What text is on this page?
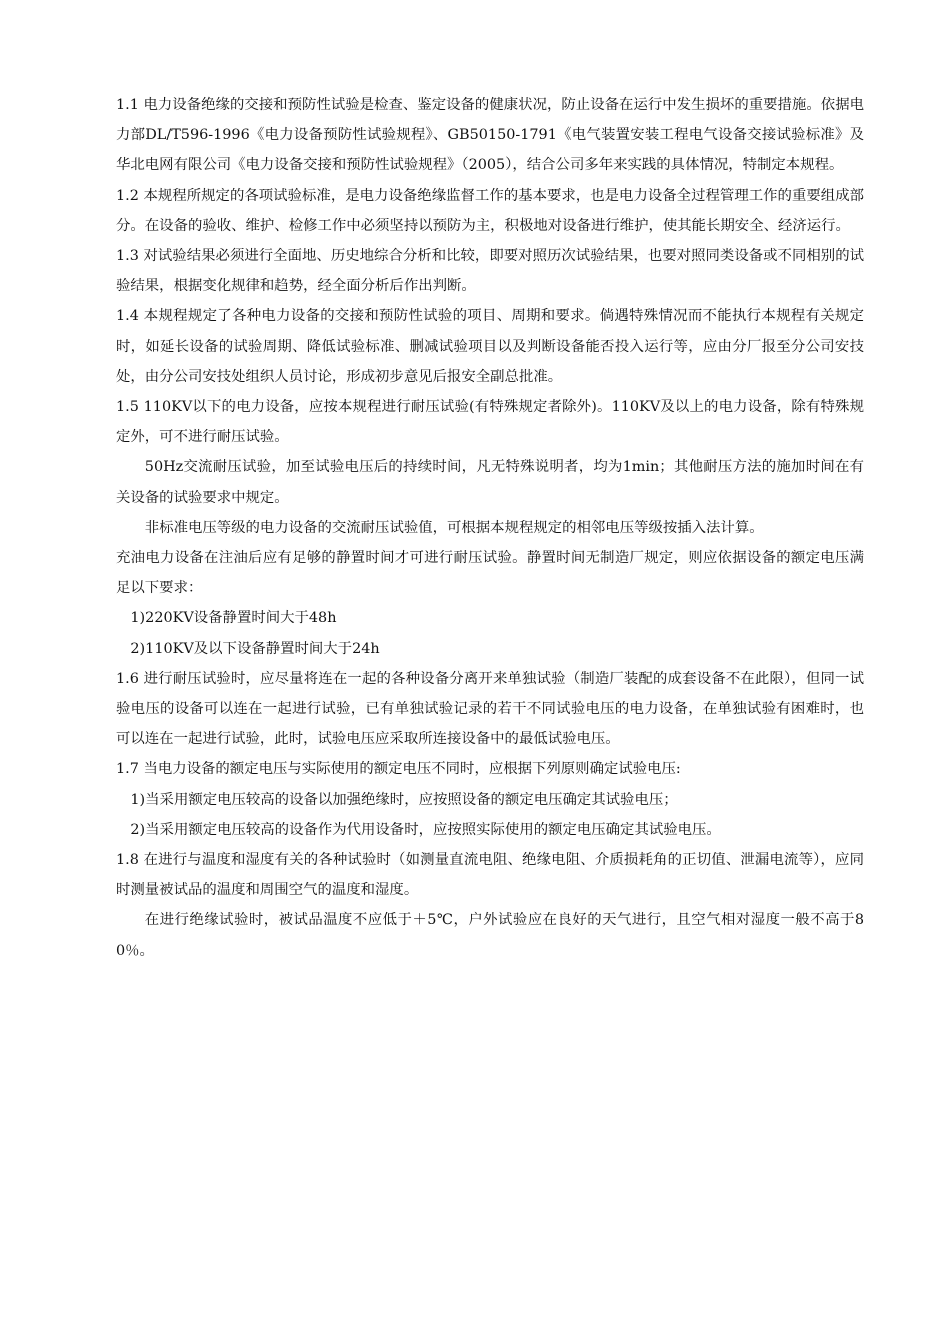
1.1 电力设备绝缘的交接和预防性试验是检查、鉴定设备的健康状况，防止设备在运行中发生损坏的重要措施。依据电力部DL/T596-1996《电力设备预防性试验规程》、GB50150-1791《电气装置安装工程电气设备交接试验标准》及华北电网有限公司《电力设备交接和预防性试验规程》（2005），结合公司多年来实践的具体情况，特制定本规程。

1.2 本规程所规定的各项试验标准，是电力设备绝缘监督工作的基本要求，也是电力设备全过程管理工作的重要组成部分。在设备的验收、维护、检修工作中必须坚持以预防为主，积极地对设备进行维护，使其能长期安全、经济运行。

1.3 对试验结果必须进行全面地、历史地综合分析和比较，即要对照历次试验结果，也要对照同类设备或不同相别的试验结果，根据变化规律和趋势，经全面分析后作出判断。

1.4 本规程规定了各种电力设备的交接和预防性试验的项目、周期和要求。倘遇特殊情况而不能执行本规程有关规定时，如延长设备的试验周期、降低试验标准、删减试验项目以及判断设备能否投入运行等，应由分厂报至分公司安技处，由分公司安技处组织人员讨论，形成初步意见后报安全副总批准。

1.5 110KV以下的电力设备，应按本规程进行耐压试验(有特殊规定者除外)。110KV及以上的电力设备，除有特殊规定外，可不进行耐压试验。

50Hz交流耐压试验，加至试验电压后的持续时间，凡无特殊说明者，均为1min；其他耐压方法的施加时间在有关设备的试验要求中规定。

非标准电压等级的电力设备的交流耐压试验值，可根据本规程规定的相邻电压等级按插入法计算。

充油电力设备在注油后应有足够的静置时间才可进行耐压试验。静置时间无制造厂规定，则应依据设备的额定电压满足以下要求：

1)220KV设备静置时间大于48h

2)110KV及以下设备静置时间大于24h

1.6 进行耐压试验时，应尽量将连在一起的各种设备分离开来单独试验（制造厂装配的成套设备不在此限），但同一试验电压的设备可以连在一起进行试验，已有单独试验记录的若干不同试验电压的电力设备，在单独试验有困难时，也可以连在一起进行试验，此时，试验电压应采取所连接设备中的最低试验电压。

1.7 当电力设备的额定电压与实际使用的额定电压不同时，应根据下列原则确定试验电压:

1)当采用额定电压较高的设备以加强绝缘时，应按照设备的额定电压确定其试验电压；

2)当采用额定电压较高的设备作为代用设备时，应按照实际使用的额定电压确定其试验电压。

1.8 在进行与温度和湿度有关的各种试验时（如测量直流电阻、绝缘电阻、介质损耗角的正切值、泄漏电流等），应同时测量被试品的温度和周围空气的温度和湿度。

在进行绝缘试验时，被试品温度不应低于＋5℃，户外试验应在良好的天气进行，且空气相对湿度一般不高于80％。
